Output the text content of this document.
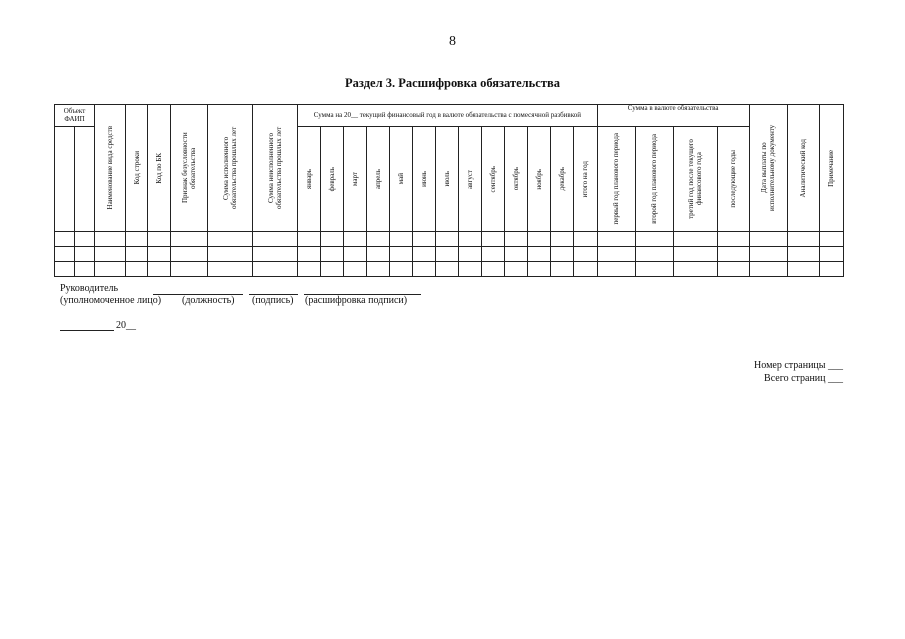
8
Раздел 3. Расшифровка обязательства
Объект ФАИП		Наименование вида средств	Код строки	Код по БК	Признак безусловности обязательства	Сумма исполненного обязательства прошлых лет	Сумма неисполненного обязательства прошлых лет	Сумма на 20__ текущий финансовый год в валюте обязательства с помесячной разбивкой													Сумма в валюте обязательства				Дата выплаты по исполнительному документу	Аналитический код	Примечание

								январь	февраль	март	апрель	май	июнь	июль	август	сентябрь	октябрь	ноябрь	декабрь	итого на год	первый год планового периода	второй год планового периода	третий год после текущего финансового года	последующие годы			

Руководитель
(уполномоченное лицо) (должность) (подпись) (расшифровка подписи)
20__
Номер страницы ___
Всего страниц ___
